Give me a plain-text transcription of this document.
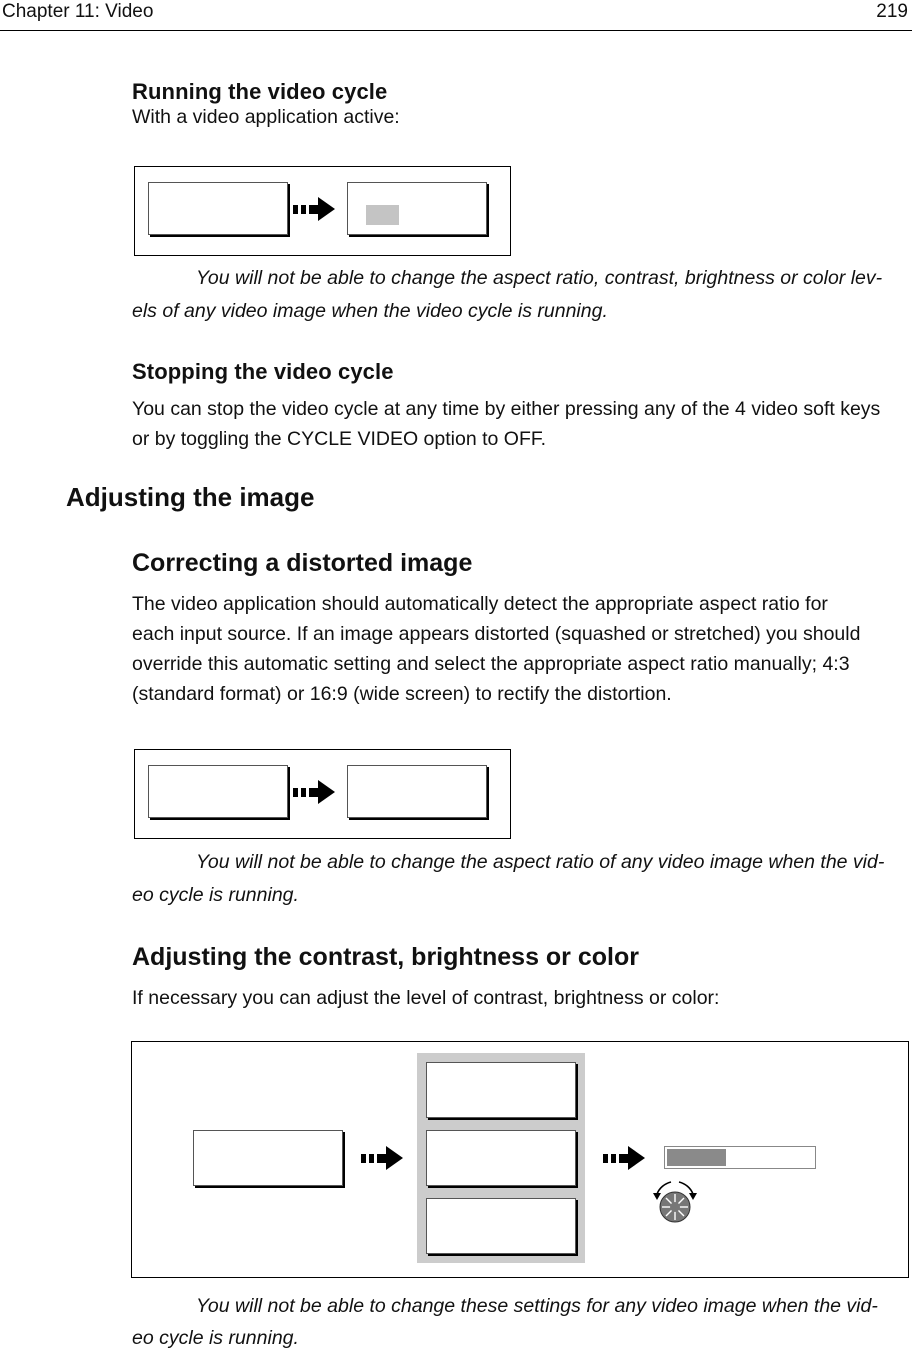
Chapter 11: Video	219
Running the video cycle
With a video application active:
You will not be able to change the aspect ratio, contrast, brightness or color lev-
els of any video image when the video cycle is running.
Stopping the video cycle
You can stop the video cycle at any time by either pressing any of the 4 video soft keys
or by toggling the CYCLE VIDEO option to OFF.
Adjusting the image
Correcting a distorted image
The video application should automatically detect the appropriate aspect ratio for
each input source. If an image appears distorted (squashed or stretched) you should
override this automatic setting and select the appropriate aspect ratio manually; 4:3
(standard format) or 16:9 (wide screen) to rectify the distortion.
You will not be able to change the aspect ratio of any video image when the vid-
eo cycle is running.
Adjusting the contrast, brightness or color
If necessary you can adjust the level of contrast, brightness or color:
You will not be able to change these settings for any video image when the vid-
eo cycle is running.
